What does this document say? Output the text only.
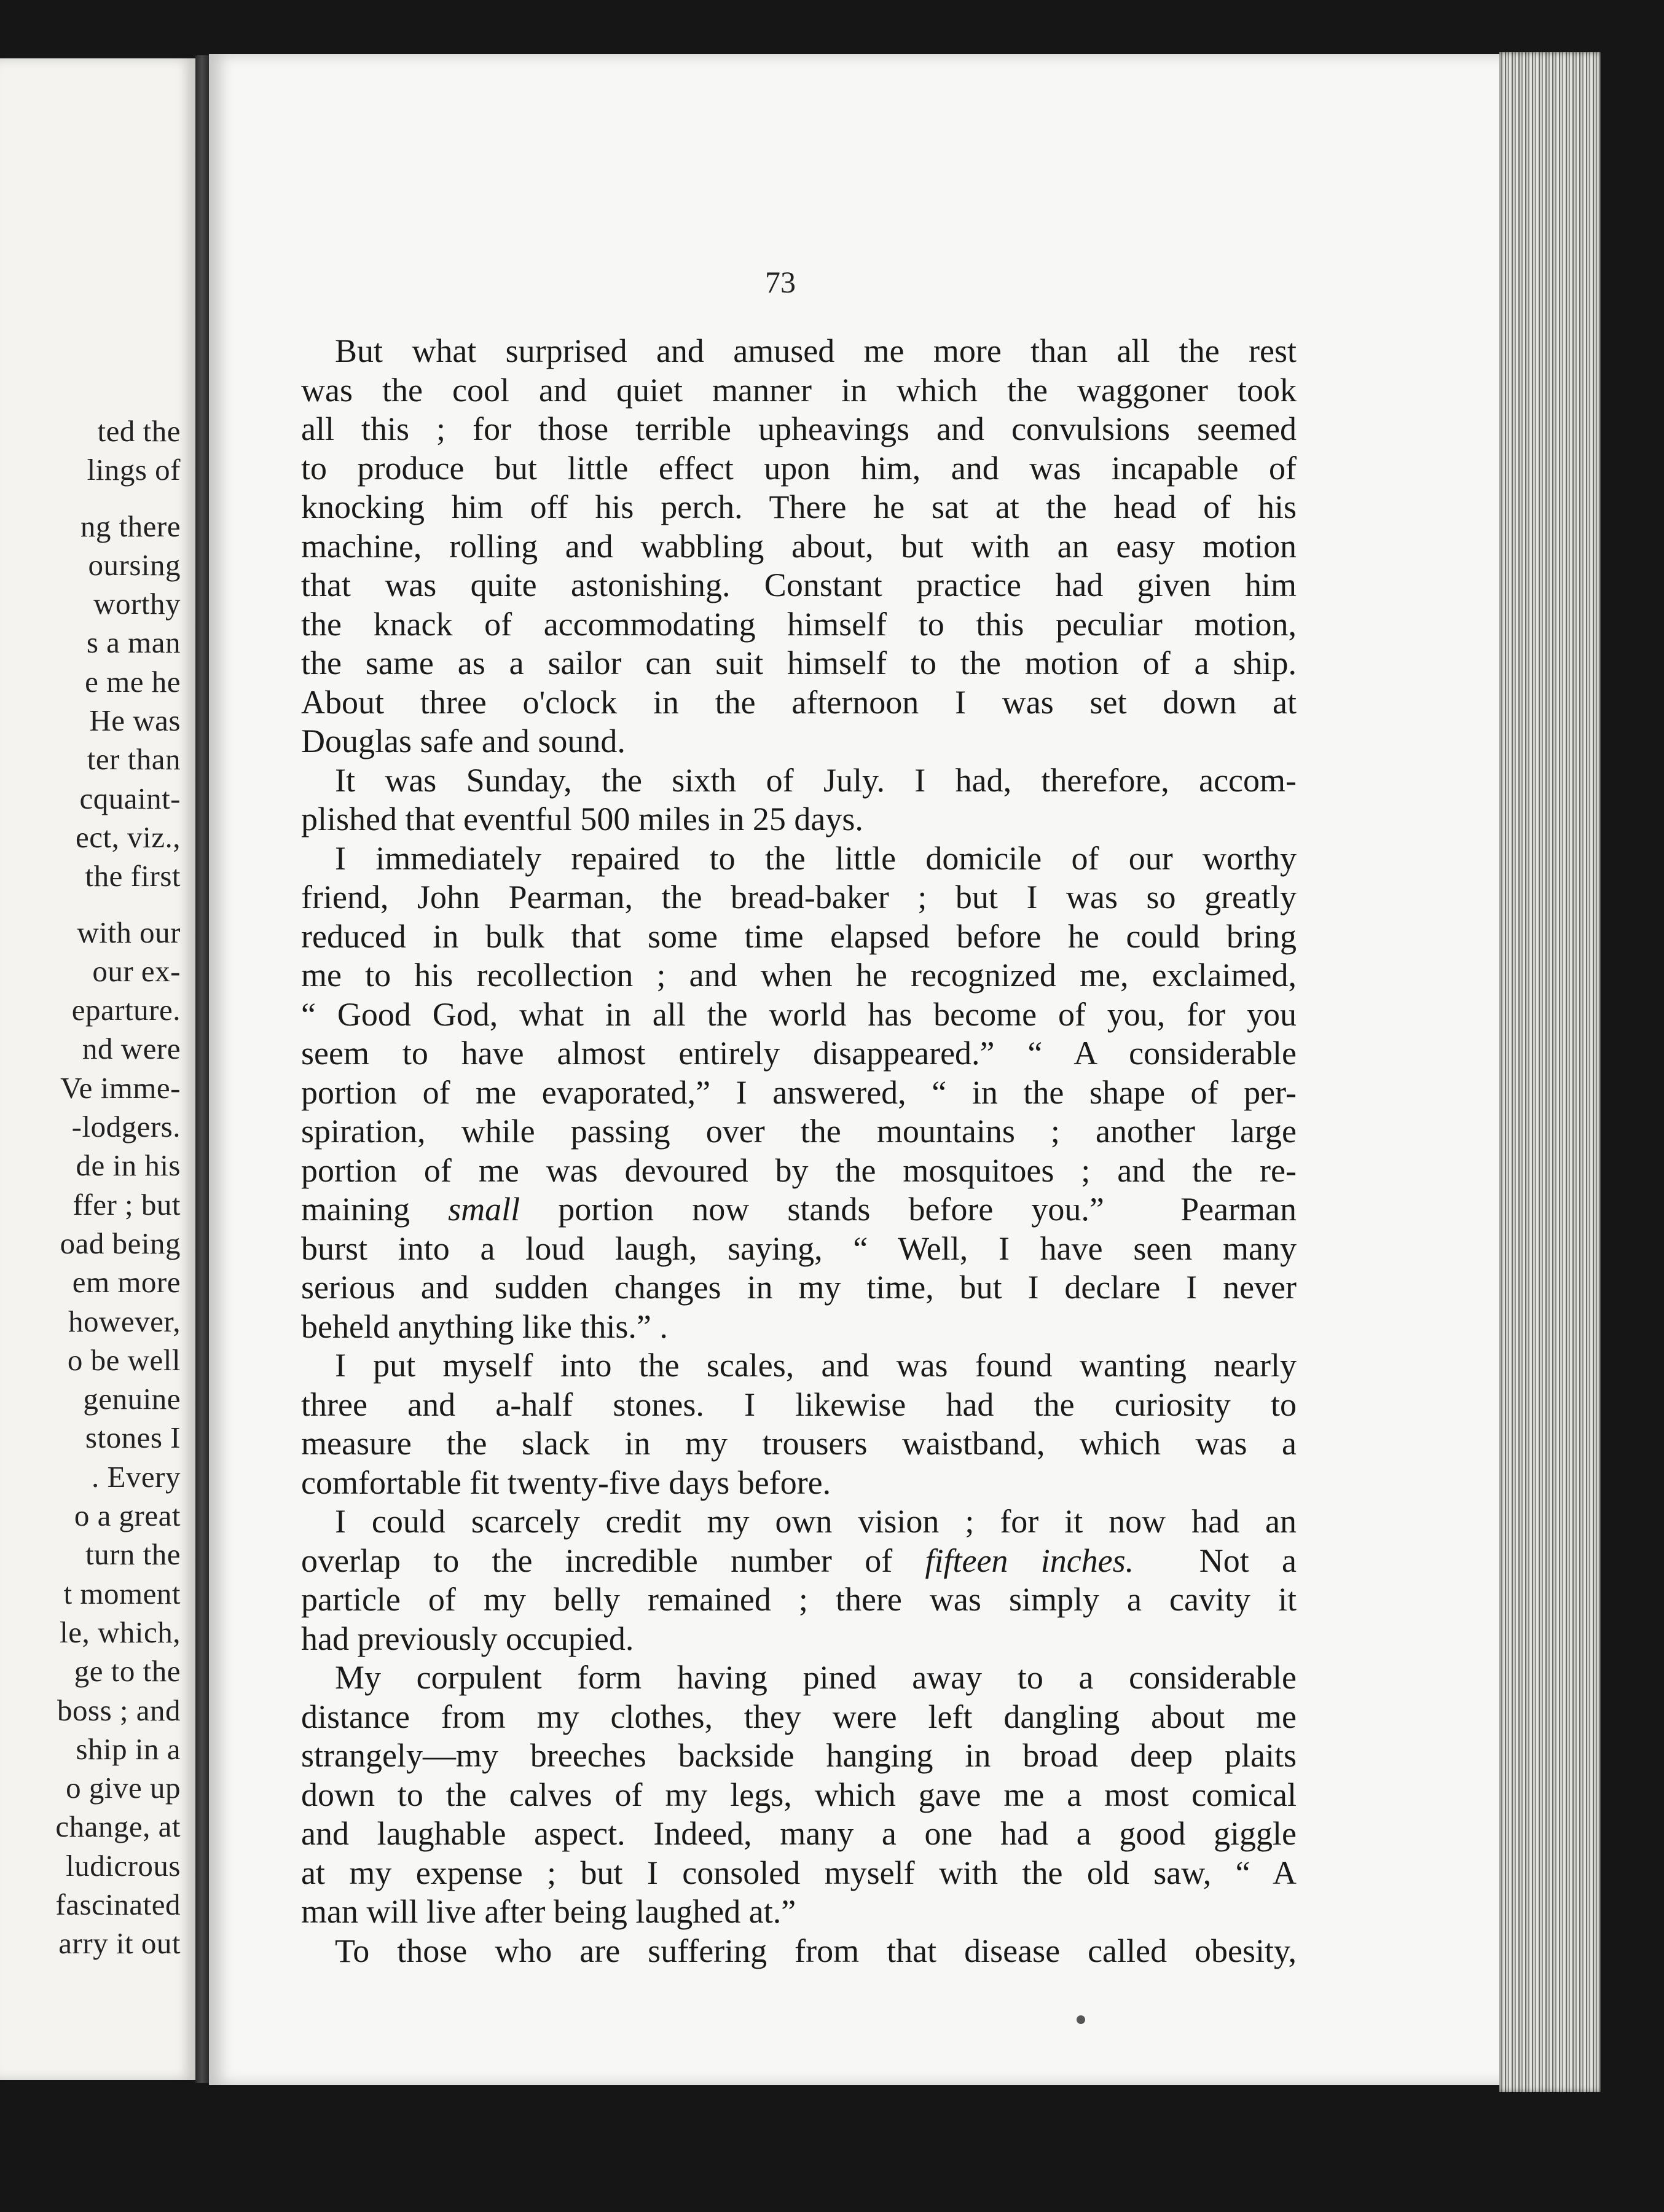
ted the
lings of
ng there
oursing
worthy
s a man
e me he
He was
ter than
cquaint-
ect, viz.,
the first
with our
our ex-
eparture.
nd were
Ve imme-
-lodgers.
de in his
ffer ; but
oad being
em more
however,
o be well
genuine
stones I
. Every
o a great
turn the
t moment
le, which,
ge to the
boss ; and
ship in a
o give up
change, at
ludicrous
fascinated
arry it out
73
But what surprised and amused me more than all the rest
was the cool and quiet manner in which the waggoner took
all this ; for those terrible upheavings and convulsions seemed
to produce but little effect upon him, and was incapable of
knocking him off his perch. There he sat at the head of his
machine, rolling and wabbling about, but with an easy motion
that was quite astonishing. Constant practice had given him
the knack of accommodating himself to this peculiar motion,
the same as a sailor can suit himself to the motion of a ship.
About three o'clock in the afternoon I was set down at
Douglas safe and sound.
It was Sunday, the sixth of July. I had, therefore, accom-
plished that eventful 500 miles in 25 days.
I immediately repaired to the little domicile of our worthy
friend, John Pearman, the bread-baker ; but I was so greatly
reduced in bulk that some time elapsed before he could bring
me to his recollection ; and when he recognized me, exclaimed,
“ Good God, what in all the world has become of you, for you
seem to have almost entirely disappeared.” “ A considerable
portion of me evaporated,” I answered, “ in the shape of per-
spiration, while passing over the mountains ; another large
portion of me was devoured by the mosquitoes ; and the re-
maining small portion now stands before you.”  Pearman
burst into a loud laugh, saying, “ Well, I have seen many
serious and sudden changes in my time, but I declare I never
beheld anything like this.” .
I put myself into the scales, and was found wanting nearly
three and a-half stones. I likewise had the curiosity to
measure the slack in my trousers waistband, which was a
comfortable fit twenty-five days before.
I could scarcely credit my own vision ; for it now had an
overlap to the incredible number of fifteen inches.  Not a
particle of my belly remained ; there was simply a cavity it
had previously occupied.
My corpulent form having pined away to a considerable
distance from my clothes, they were left dangling about me
strangely—my breeches backside hanging in broad deep plaits
down to the calves of my legs, which gave me a most comical
and laughable aspect. Indeed, many a one had a good giggle
at my expense ; but I consoled myself with the old saw, “ A
man will live after being laughed at.”
To those who are suffering from that disease called obesity,
